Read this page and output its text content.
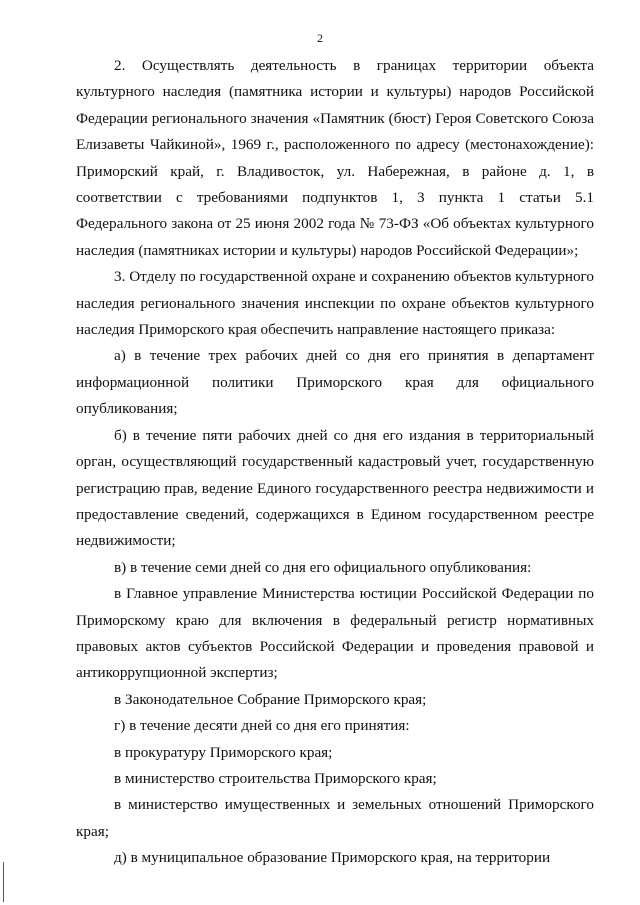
2

2. Осуществлять деятельность в границах территории объекта культурного наследия (памятника истории и культуры) народов Российской Федерации регионального значения «Памятник (бюст) Героя Советского Союза Елизаветы Чайкиной», 1969 г., расположенного по адресу (местонахождение): Приморский край, г. Владивосток, ул. Набережная, в районе д. 1, в соответствии с требованиями подпунктов 1, 3 пункта 1 статьи 5.1 Федерального закона от 25 июня 2002 года № 73-ФЗ «Об объектах культурного наследия (памятниках истории и культуры) народов Российской Федерации»;

3. Отделу по государственной охране и сохранению объектов культурного наследия регионального значения инспекции по охране объектов культурного наследия Приморского края обеспечить направление настоящего приказа:

а) в течение трех рабочих дней со дня его принятия в департамент информационной политики Приморского края для официального опубликования;

б) в течение пяти рабочих дней со дня его издания в территориальный орган, осуществляющий государственный кадастровый учет, государственную регистрацию прав, ведение Единого государственного реестра недвижимости и предоставление сведений, содержащихся в Едином государственном реестре недвижимости;

в) в течение семи дней со дня его официального опубликования:

в Главное управление Министерства юстиции Российской Федерации по Приморскому краю для включения в федеральный регистр нормативных правовых актов субъектов Российской Федерации и проведения правовой и антикоррупционной экспертиз;

в Законодательное Собрание Приморского края;

г) в течение десяти дней со дня его принятия:

в прокуратуру Приморского края;

в министерство строительства Приморского края;

в министерство имущественных и земельных отношений Приморского края;

д) в муниципальное образование Приморского края, на территории
